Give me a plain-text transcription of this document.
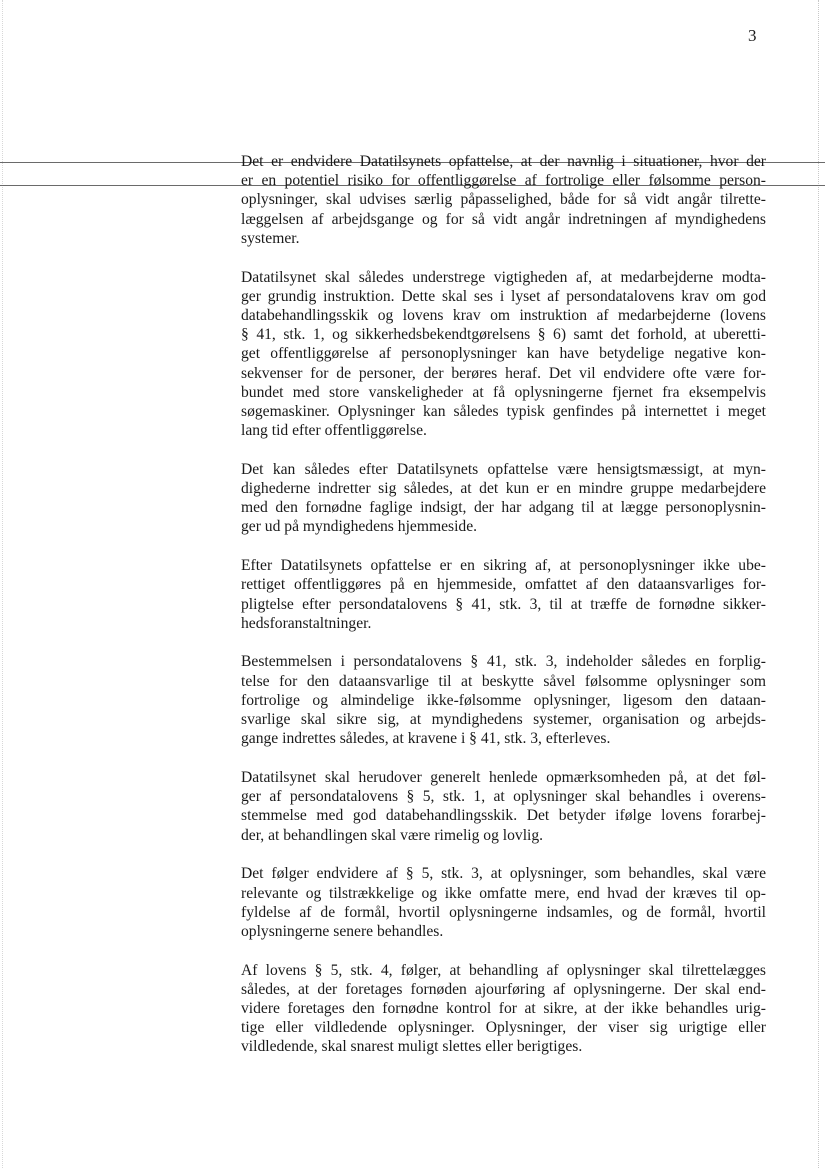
3

Det er endvidere Datatilsynets opfattelse, at der navnlig i situationer, hvor der
er en potentiel risiko for offentliggørelse af fortrolige eller følsomme person-
oplysninger, skal udvises særlig påpasselighed, både for så vidt angår tilrette-
læggelsen af arbejdsgange og for så vidt angår indretningen af myndighedens
systemer.

Datatilsynet skal således understrege vigtigheden af, at medarbejderne modta-
ger grundig instruktion. Dette skal ses i lyset af persondatalovens krav om god
databehandlingsskik og lovens krav om instruktion af medarbejderne (lovens
§ 41, stk. 1, og sikkerhedsbekendtgørelsens § 6) samt det forhold, at uberetti-
get offentliggørelse af personoplysninger kan have betydelige negative kon-
sekvenser for de personer, der berøres heraf. Det vil endvidere ofte være for-
bundet med store vanskeligheder at få oplysningerne fjernet fra eksempelvis
søgemaskiner. Oplysninger kan således typisk genfindes på internettet i meget
lang tid efter offentliggørelse.

Det kan således efter Datatilsynets opfattelse være hensigtsmæssigt, at myn-
dighederne indretter sig således, at det kun er en mindre gruppe medarbejdere
med den fornødne faglige indsigt, der har adgang til at lægge personoplysnin-
ger ud på myndighedens hjemmeside.

Efter Datatilsynets opfattelse er en sikring af, at personoplysninger ikke ube-
rettiget offentliggøres på en hjemmeside, omfattet af den dataansvarliges for-
pligtelse efter persondatalovens § 41, stk. 3, til at træffe de fornødne sikker-
hedsforanstaltninger.

Bestemmelsen i persondatalovens § 41, stk. 3, indeholder således en forplig-
telse for den dataansvarlige til at beskytte såvel følsomme oplysninger som
fortrolige og almindelige ikke-følsomme oplysninger, ligesom den dataan-
svarlige skal sikre sig, at myndighedens systemer, organisation og arbejds-
gange indrettes således, at kravene i § 41, stk. 3, efterleves.

Datatilsynet skal herudover generelt henlede opmærksomheden på, at det føl-
ger af persondatalovens § 5, stk. 1, at oplysninger skal behandles i overens-
stemmelse med god databehandlingsskik. Det betyder ifølge lovens forarbej-
der, at behandlingen skal være rimelig og lovlig.

Det følger endvidere af § 5, stk. 3, at oplysninger, som behandles, skal være
relevante og tilstrækkelige og ikke omfatte mere, end hvad der kræves til op-
fyldelse af de formål, hvortil oplysningerne indsamles, og de formål, hvortil
oplysningerne senere behandles.

Af lovens § 5, stk. 4, følger, at behandling af oplysninger skal tilrettelægges
således, at der foretages fornøden ajourføring af oplysningerne. Der skal end-
videre foretages den fornødne kontrol for at sikre, at der ikke behandles urig-
tige eller vildledende oplysninger. Oplysninger, der viser sig urigtige eller
vildledende, skal snarest muligt slettes eller berigtiges.
